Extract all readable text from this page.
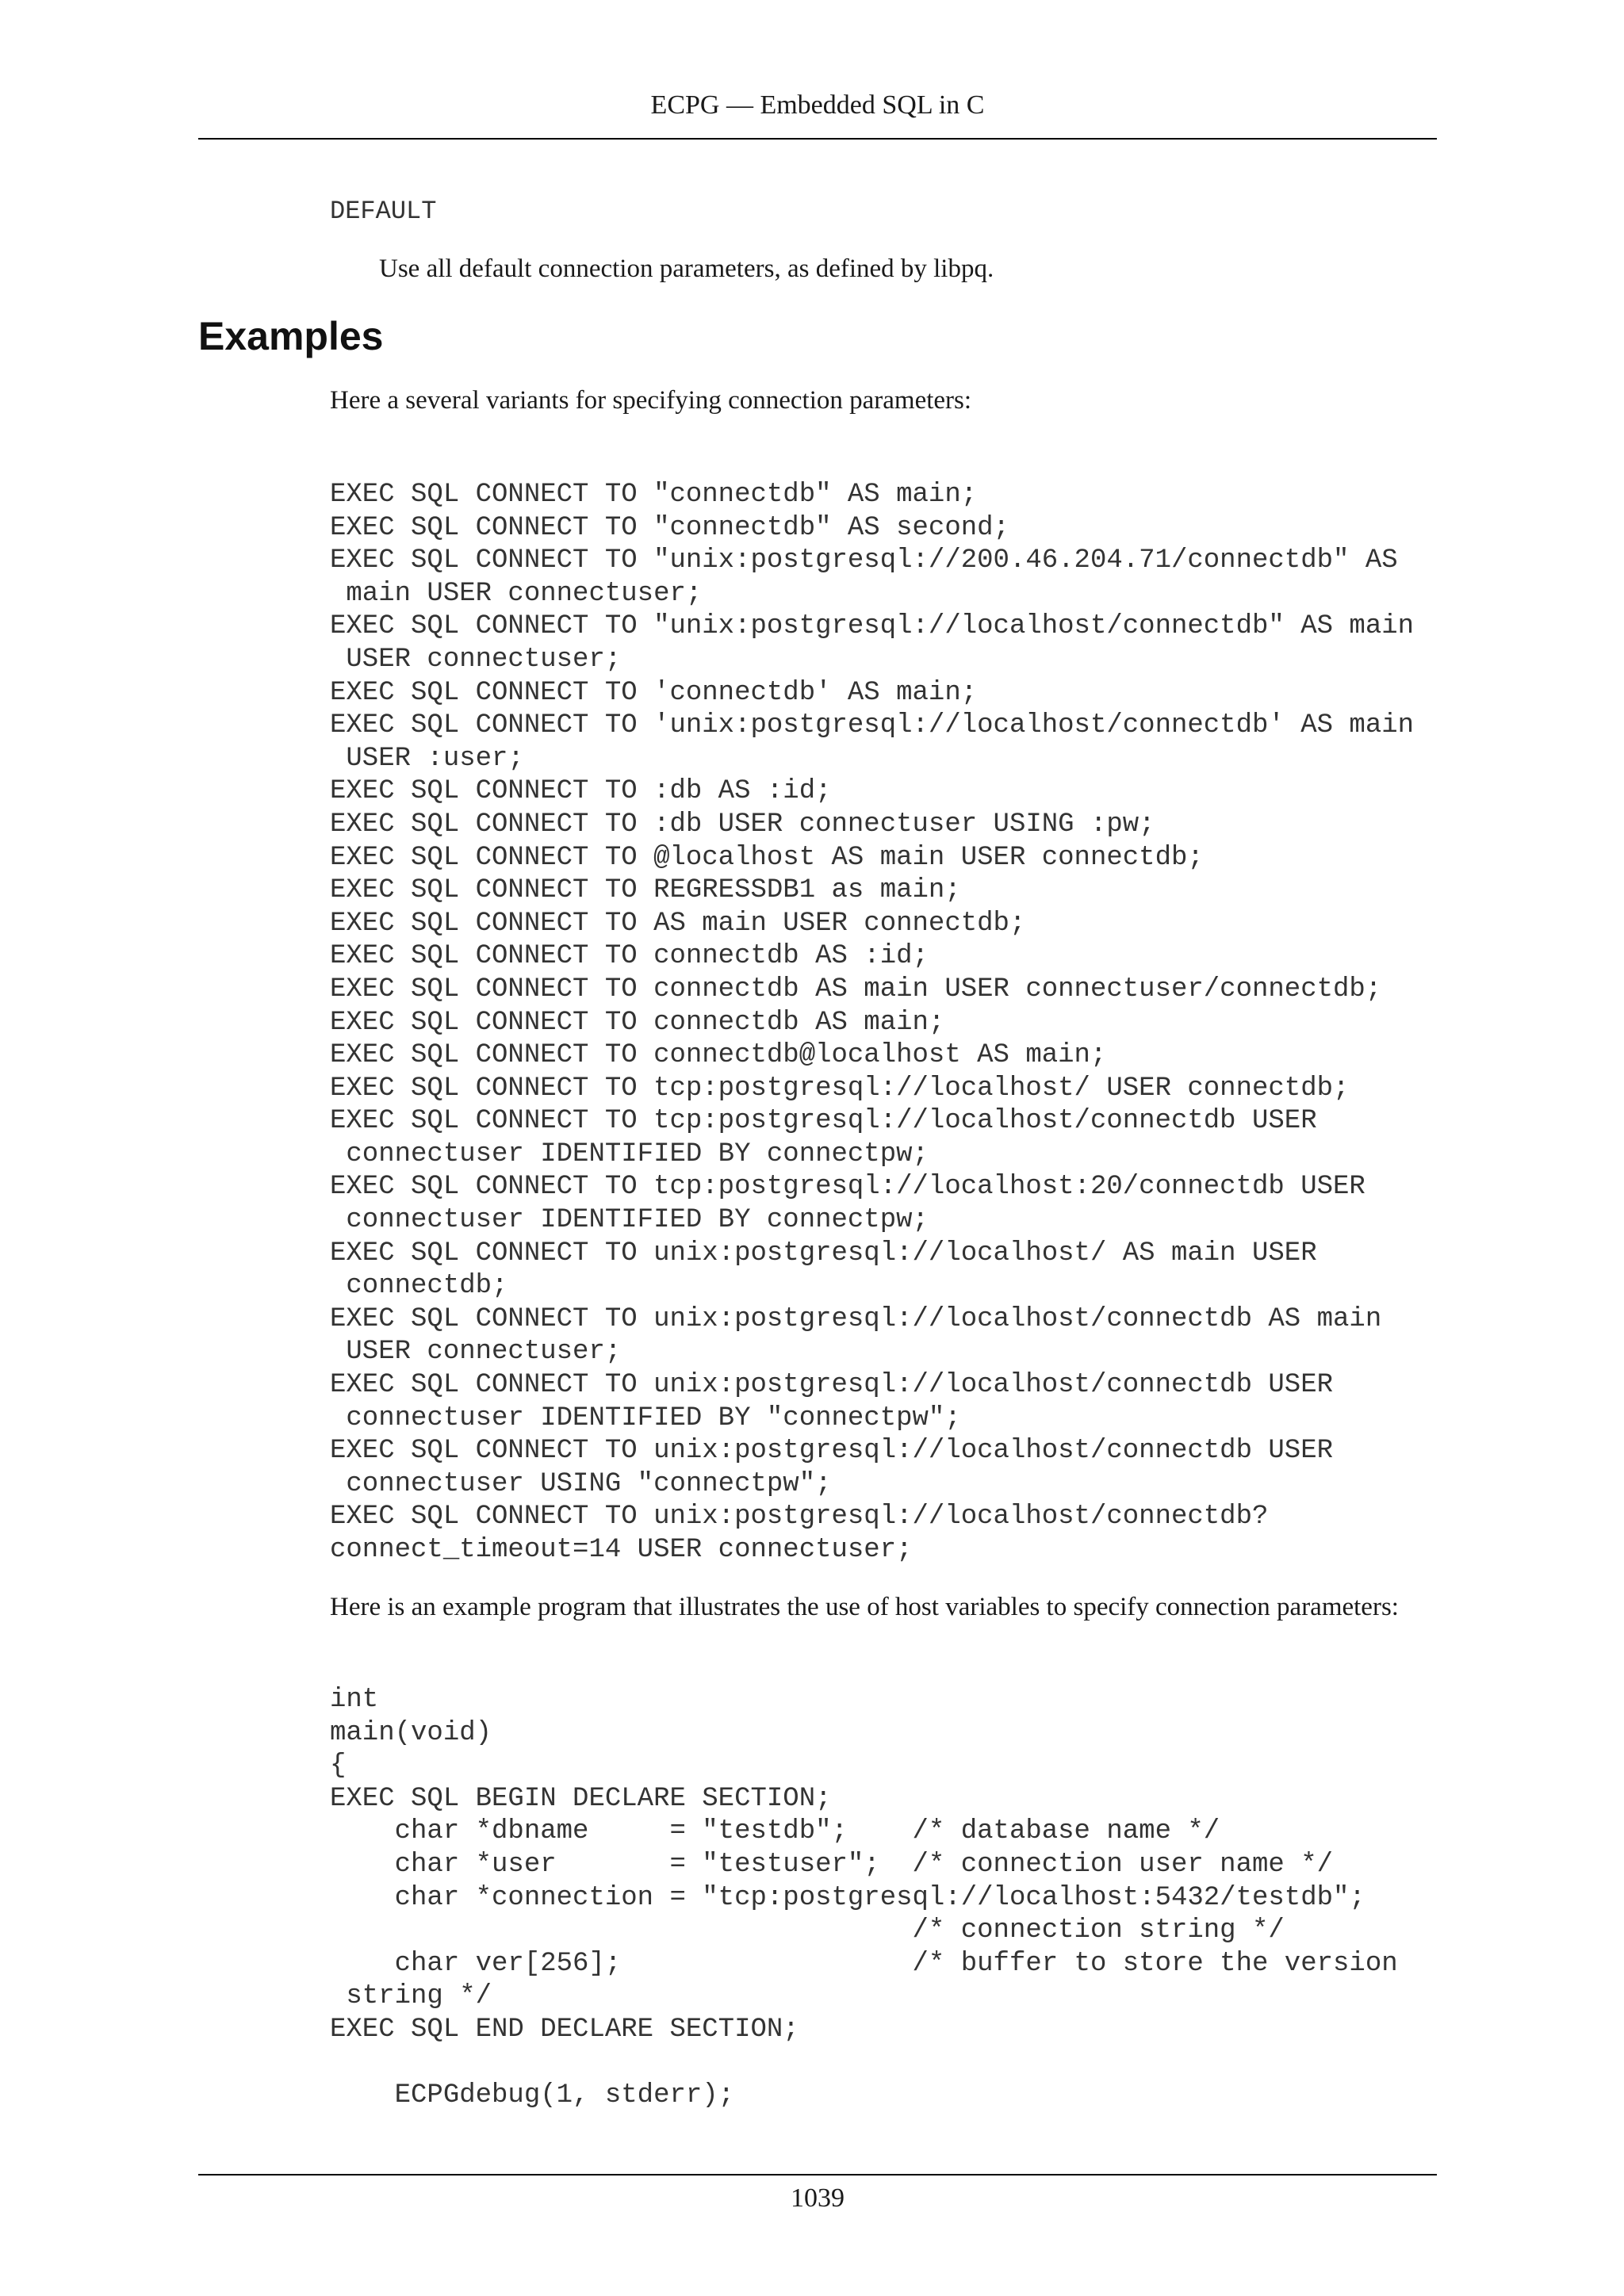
ECPG — Embedded SQL in C
DEFAULT
Use all default connection parameters, as defined by libpq.
Examples
Here a several variants for specifying connection parameters:
EXEC SQL CONNECT TO "connectdb" AS main;
EXEC SQL CONNECT TO "connectdb" AS second;
EXEC SQL CONNECT TO "unix:postgresql://200.46.204.71/connectdb" AS
main USER connectuser;
EXEC SQL CONNECT TO "unix:postgresql://localhost/connectdb" AS main
USER connectuser;
EXEC SQL CONNECT TO 'connectdb' AS main;
EXEC SQL CONNECT TO 'unix:postgresql://localhost/connectdb' AS main
USER :user;
EXEC SQL CONNECT TO :db AS :id;
EXEC SQL CONNECT TO :db USER connectuser USING :pw;
EXEC SQL CONNECT TO @localhost AS main USER connectdb;
EXEC SQL CONNECT TO REGRESSDB1 as main;
EXEC SQL CONNECT TO AS main USER connectdb;
EXEC SQL CONNECT TO connectdb AS :id;
EXEC SQL CONNECT TO connectdb AS main USER connectuser/connectdb;
EXEC SQL CONNECT TO connectdb AS main;
EXEC SQL CONNECT TO connectdb@localhost AS main;
EXEC SQL CONNECT TO tcp:postgresql://localhost/ USER connectdb;
EXEC SQL CONNECT TO tcp:postgresql://localhost/connectdb USER
connectuser IDENTIFIED BY connectpw;
EXEC SQL CONNECT TO tcp:postgresql://localhost:20/connectdb USER
connectuser IDENTIFIED BY connectpw;
EXEC SQL CONNECT TO unix:postgresql://localhost/ AS main USER
connectdb;
EXEC SQL CONNECT TO unix:postgresql://localhost/connectdb AS main
USER connectuser;
EXEC SQL CONNECT TO unix:postgresql://localhost/connectdb USER
connectuser IDENTIFIED BY "connectpw";
EXEC SQL CONNECT TO unix:postgresql://localhost/connectdb USER
connectuser USING "connectpw";
EXEC SQL CONNECT TO unix:postgresql://localhost/connectdb?
connect_timeout=14 USER connectuser;
Here is an example program that illustrates the use of host variables to specify connection parameters:
int
main(void)
{
EXEC SQL BEGIN DECLARE SECTION;
char *dbname     = "testdb";    /* database name */
char *user       = "testuser";  /* connection user name */
char *connection = "tcp:postgresql://localhost:5432/testdb";
/* connection string */
char ver[256];                  /* buffer to store the version
string */
EXEC SQL END DECLARE SECTION;

ECPGdebug(1, stderr);
1039
